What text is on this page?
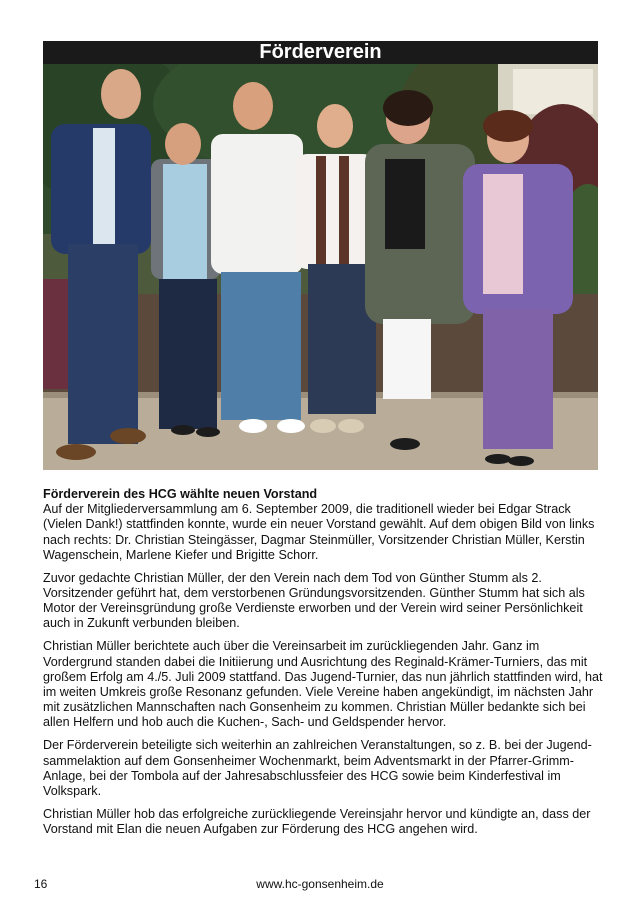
Förderverein
Förderverein des HCG wählte neuen Vorstand

Auf der Mitgliederversammlung am 6. September 2009, die traditionell wieder bei Edgar Strack (Vielen Dank!) stattfinden konnte, wurde ein neuer Vorstand gewählt. Auf dem obigen Bild von links nach rechts: Dr. Christian Steingässer, Dagmar Steinmüller, Vorsitzender Christian Müller, Kerstin Wagenschein, Marlene Kiefer und Brigitte Schorr.

Zuvor gedachte Christian Müller, der den Verein nach dem Tod von Günther Stumm als 2. Vorsitzender geführt hat, dem verstorbenen Gründungsvorsitzenden. Günther Stumm hat sich als Motor der Vereinsgründung große Verdienste erworben und der Verein wird seiner Persönlichkeit auch in Zukunft verbunden bleiben.

Christian Müller berichtete auch über die Vereinsarbeit im zurückliegenden Jahr. Ganz im Vordergrund standen dabei die Initiierung und Ausrichtung des Reginald-Krämer-Turniers, das mit großem Erfolg am 4./5. Juli 2009 stattfand. Das Jugend-Turnier, das nun jährlich stattfinden wird, hat im weiten Umkreis große Resonanz gefunden. Viele Vereine haben angekündigt, im nächsten Jahr mit zusätzlichen Mannschaften nach Gonsenheim zu kommen. Christian Müller bedankte sich bei allen Helfern und hob auch die Kuchen-, Sach- und Geldspender hervor.

Der Förderverein beteiligte sich weiterhin an zahlreichen Veranstaltungen, so z. B. bei der Jugend-sammelaktion auf dem Gonsenheimer Wochenmarkt, beim Adventsmarkt in der Pfarrer-Grimm-Anlage, bei der Tombola auf der Jahresabschlussfeier des HCG sowie beim Kinderfestival im Volkspark.

Christian Müller hob das erfolgreiche zurückliegende Vereinsjahr hervor und kündigte an, dass der Vorstand mit Elan die neuen Aufgaben zur Förderung des HCG angehen wird.

www.hc-gonsenheim.de
16
